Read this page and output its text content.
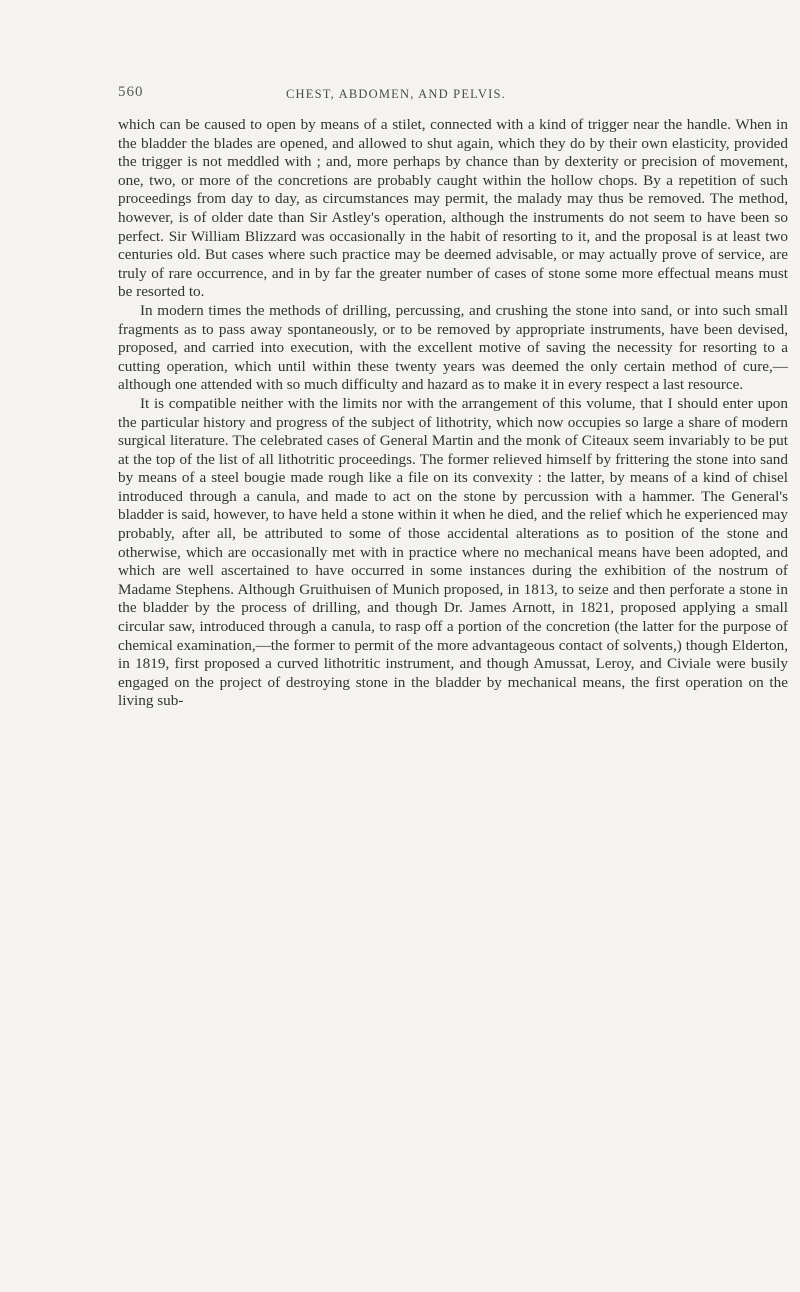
560	CHEST, ABDOMEN, AND PELVIS.

which can be caused to open by means of a stilet, connected with a kind of trigger near the handle. When in the bladder the blades are opened, and allowed to shut again, which they do by their own elasticity, provided the trigger is not meddled with ; and, more perhaps by chance than by dexterity or precision of movement, one, two, or more of the concretions are probably caught within the hollow chops. By a repetition of such proceedings from day to day, as circumstances may permit, the malady may thus be removed. The method, however, is of older date than Sir Astley's operation, although the instruments do not seem to have been so perfect. Sir William Blizzard was occasionally in the habit of resorting to it, and the proposal is at least two centuries old. But cases where such practice may be deemed advisable, or may actually prove of service, are truly of rare occurrence, and in by far the greater number of cases of stone some more effectual means must be resorted to.

In modern times the methods of drilling, percussing, and crushing the stone into sand, or into such small fragments as to pass away spontaneously, or to be removed by appropriate instruments, have been devised, proposed, and carried into execution, with the excellent motive of saving the necessity for resorting to a cutting operation, which until within these twenty years was deemed the only certain method of cure,—although one attended with so much difficulty and hazard as to make it in every respect a last resource.

It is compatible neither with the limits nor with the arrangement of this volume, that I should enter upon the particular history and progress of the subject of lithotrity, which now occupies so large a share of modern surgical literature. The celebrated cases of General Martin and the monk of Citeaux seem invariably to be put at the top of the list of all lithotritic proceedings. The former relieved himself by frittering the stone into sand by means of a steel bougie made rough like a file on its convexity : the latter, by means of a kind of chisel introduced through a canula, and made to act on the stone by percussion with a hammer. The General's bladder is said, however, to have held a stone within it when he died, and the relief which he experienced may probably, after all, be attributed to some of those accidental alterations as to position of the stone and otherwise, which are occasionally met with in practice where no mechanical means have been adopted, and which are well ascertained to have occurred in some instances during the exhibition of the nostrum of Madame Stephens. Although Gruithuisen of Munich proposed, in 1813, to seize and then perforate a stone in the bladder by the process of drilling, and though Dr. James Arnott, in 1821, proposed applying a small circular saw, introduced through a canula, to rasp off a portion of the concretion (the latter for the purpose of chemical examination,—the former to permit of the more advantageous contact of solvents,) though Elderton, in 1819, first proposed a curved lithotritic instrument, and though Amussat, Leroy, and Civiale were busily engaged on the project of destroying stone in the bladder by mechanical means, the first operation on the living sub-
